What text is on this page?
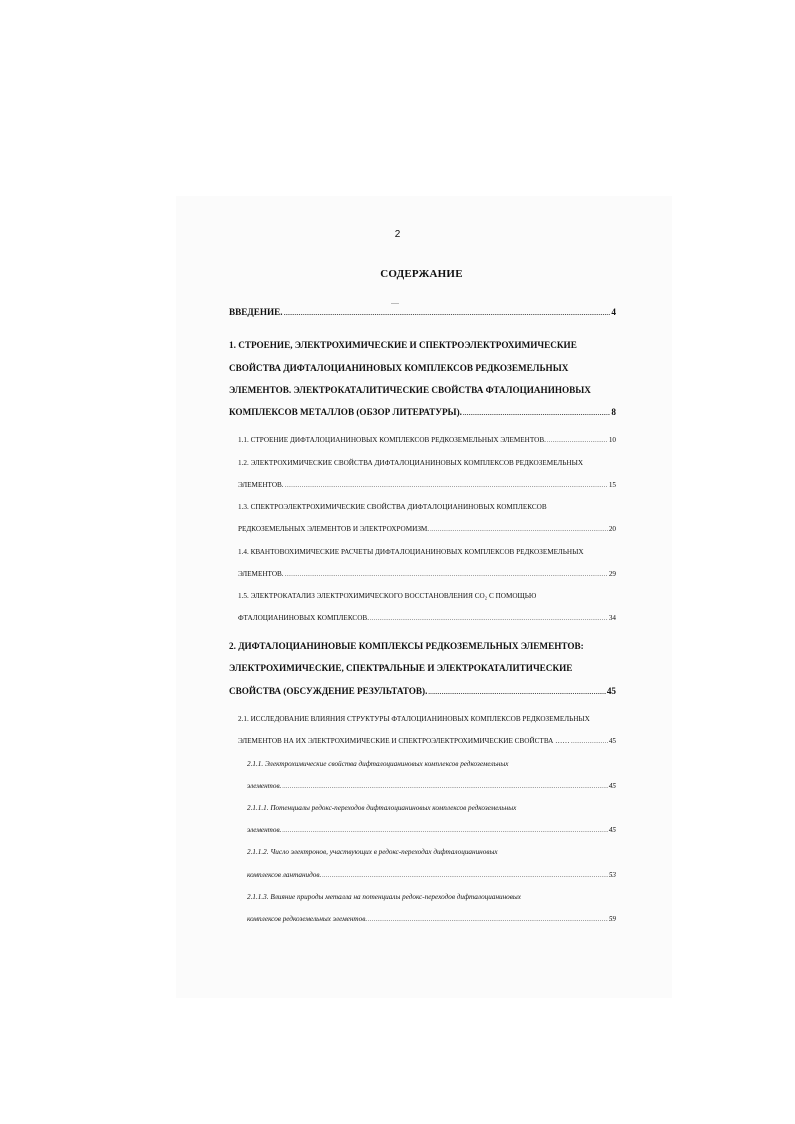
2
СОДЕРЖАНИЕ
ВВЕДЕНИЕ. .....	4
1. СТРОЕНИЕ, ЭЛЕКТРОХИМИЧЕСКИЕ И СПЕКТРОЭЛЕКТРОХИМИЧЕСКИЕ
СВОЙСТВА ДИФТАЛОЦИАНИНОВЫХ КОМПЛЕКСОВ РЕДКОЗЕМЕЛЬНЫХ
ЭЛЕМЕНТОВ. ЭЛЕКТРОКАТАЛИТИЧЕСКИЕ СВОЙСТВА ФТАЛОЦИАНИНОВЫХ
КОМПЛЕКСОВ МЕТАЛЛОВ (ОБЗОР ЛИТЕРАТУРЫ). .....	8
1.1. СТРОЕНИЕ ДИФТАЛОЦИАНИНОВЫХ КОМПЛЕКСОВ РЕДКОЗЕМЕЛЬНЫХ ЭЛЕМЕНТОВ. .....	10
1.2. ЭЛЕКТРОХИМИЧЕСКИЕ СВОЙСТВА ДИФТАЛОЦИАНИНОВЫХ КОМПЛЕКСОВ РЕДКОЗЕМЕЛЬНЫХ
ЭЛЕМЕНТОВ. .....	15
1.3. СПЕКТРОЭЛЕКТРОХИМИЧЕСКИЕ СВОЙСТВА ДИФТАЛОЦИАНИНОВЫХ КОМПЛЕКСОВ
РЕДКОЗЕМЕЛЬНЫХ ЭЛЕМЕНТОВ И ЭЛЕКТРОХРОМИЗМ. .....	20
1.4. КВАНТОВОХИМИЧЕСКИЕ РАСЧЕТЫ ДИФТАЛОЦИАНИНОВЫХ КОМПЛЕКСОВ РЕДКОЗЕМЕЛЬНЫХ
ЭЛЕМЕНТОВ. .....	29
1.5. ЭЛЕКТРОКАТАЛИЗ ЭЛЕКТРОХИМИЧЕСКОГО ВОССТАНОВЛЕНИЯ CO₂ С ПОМОЩЬЮ
ФТАЛОЦИАНИНОВЫХ КОМПЛЕКСОВ. .....	34
2. ДИФТАЛОЦИАНИНОВЫЕ КОМПЛЕКСЫ РЕДКОЗЕМЕЛЬНЫХ ЭЛЕМЕНТОВ:
ЭЛЕКТРОХИМИЧЕСКИЕ, СПЕКТРАЛЬНЫЕ И ЭЛЕКТРОКАТАЛИТИЧЕСКИЕ
СВОЙСТВА (ОБСУЖДЕНИЕ РЕЗУЛЬТАТОВ). .....	45
2.1. ИССЛЕДОВАНИЕ ВЛИЯНИЯ СТРУКТУРЫ ФТАЛОЦИАНИНОВЫХ КОМПЛЕКСОВ РЕДКОЗЕМЕЛЬНЫХ
ЭЛЕМЕНТОВ НА ИХ ЭЛЕКТРОХИМИЧЕСКИЕ И СПЕКТРОЭЛЕКТРОХИМИЧЕСКИЕ СВОЙСТВА …… .....	45
2.1.1. Электрохимические свойства дифталоцианиновых комплексов редкоземельных
элементов. .....	45
2.1.1.1. Потенциалы редокс-переходов дифталоцианиновых комплексов редкоземельных
элементов. .....	45
2.1.1.2. Число электронов, участвующих в редокс-переходах дифталоцианиновых
комплексов лантанидов. .....	53
2.1.1.3. Влияние природы металла на потенциалы редокс-переходов дифталоцианиновых
комплексов редкоземельных элементов. .....	59
